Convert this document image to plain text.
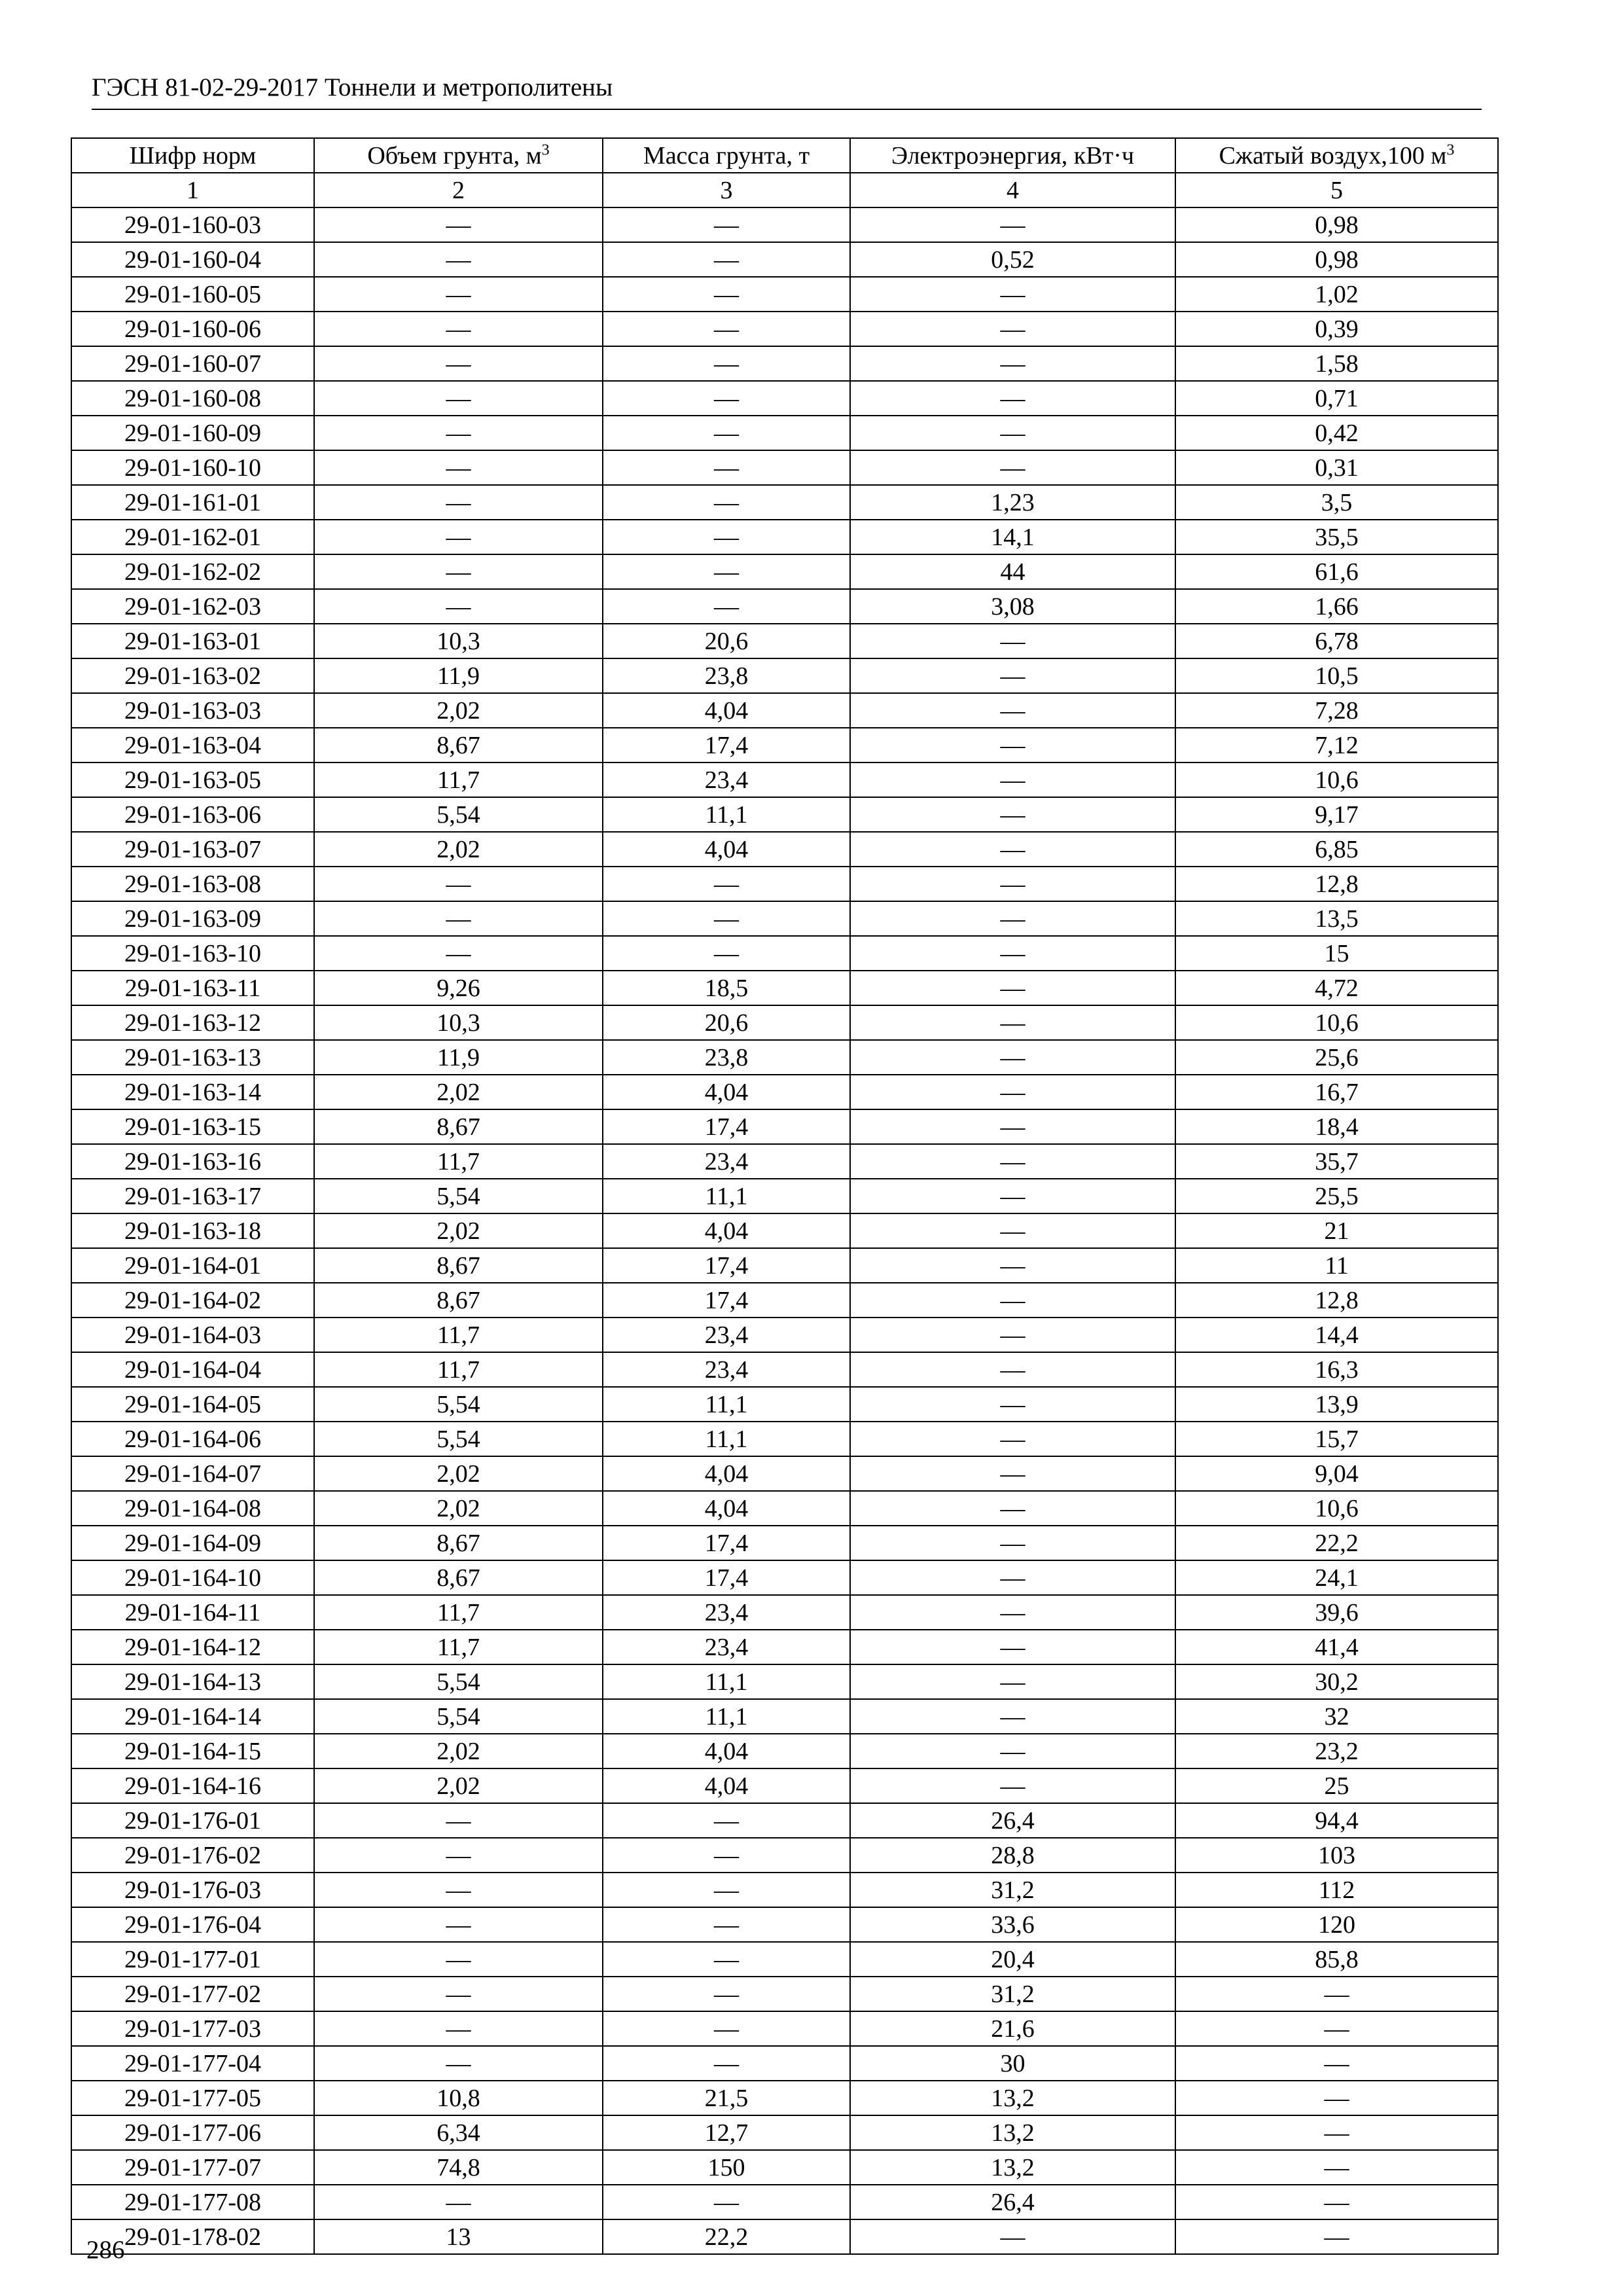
ГЭСН 81-02-29-2017 Тоннели и метрополитены
Шифр норм	Объем грунта, $м^3$	Масса грунта, т	Электроэнергия, кВт·ч	Сжатый воздух,100 $м^3$
1	2	3	4	5
29-01-160-03	—	—	—	0,98
29-01-160-04	—	—	0,52	0,98
29-01-160-05	—	—	—	1,02
29-01-160-06	—	—	—	0,39
29-01-160-07	—	—	—	1,58
29-01-160-08	—	—	—	0,71
29-01-160-09	—	—	—	0,42
29-01-160-10	—	—	—	0,31
29-01-161-01	—	—	1,23	3,5
29-01-162-01	—	—	14,1	35,5
29-01-162-02	—	—	44	61,6
29-01-162-03	—	—	3,08	1,66
29-01-163-01	10,3	20,6	—	6,78
29-01-163-02	11,9	23,8	—	10,5
29-01-163-03	2,02	4,04	—	7,28
29-01-163-04	8,67	17,4	—	7,12
29-01-163-05	11,7	23,4	—	10,6
29-01-163-06	5,54	11,1	—	9,17
29-01-163-07	2,02	4,04	—	6,85
29-01-163-08	—	—	—	12,8
29-01-163-09	—	—	—	13,5
29-01-163-10	—	—	—	15
29-01-163-11	9,26	18,5	—	4,72
29-01-163-12	10,3	20,6	—	10,6
29-01-163-13	11,9	23,8	—	25,6
29-01-163-14	2,02	4,04	—	16,7
29-01-163-15	8,67	17,4	—	18,4
29-01-163-16	11,7	23,4	—	35,7
29-01-163-17	5,54	11,1	—	25,5
29-01-163-18	2,02	4,04	—	21
29-01-164-01	8,67	17,4	—	11
29-01-164-02	8,67	17,4	—	12,8
29-01-164-03	11,7	23,4	—	14,4
29-01-164-04	11,7	23,4	—	16,3
29-01-164-05	5,54	11,1	—	13,9
29-01-164-06	5,54	11,1	—	15,7
29-01-164-07	2,02	4,04	—	9,04
29-01-164-08	2,02	4,04	—	10,6
29-01-164-09	8,67	17,4	—	22,2
29-01-164-10	8,67	17,4	—	24,1
29-01-164-11	11,7	23,4	—	39,6
29-01-164-12	11,7	23,4	—	41,4
29-01-164-13	5,54	11,1	—	30,2
29-01-164-14	5,54	11,1	—	32
29-01-164-15	2,02	4,04	—	23,2
29-01-164-16	2,02	4,04	—	25
29-01-176-01	—	—	26,4	94,4
29-01-176-02	—	—	28,8	103
29-01-176-03	—	—	31,2	112
29-01-176-04	—	—	33,6	120
29-01-177-01	—	—	20,4	85,8
29-01-177-02	—	—	31,2	—
29-01-177-03	—	—	21,6	—
29-01-177-04	—	—	30	—
29-01-177-05	10,8	21,5	13,2	—
29-01-177-06	6,34	12,7	13,2	—
29-01-177-07	74,8	150	13,2	—
29-01-177-08	—	—	26,4	—
29-01-178-02	13	22,2	—	—
286
